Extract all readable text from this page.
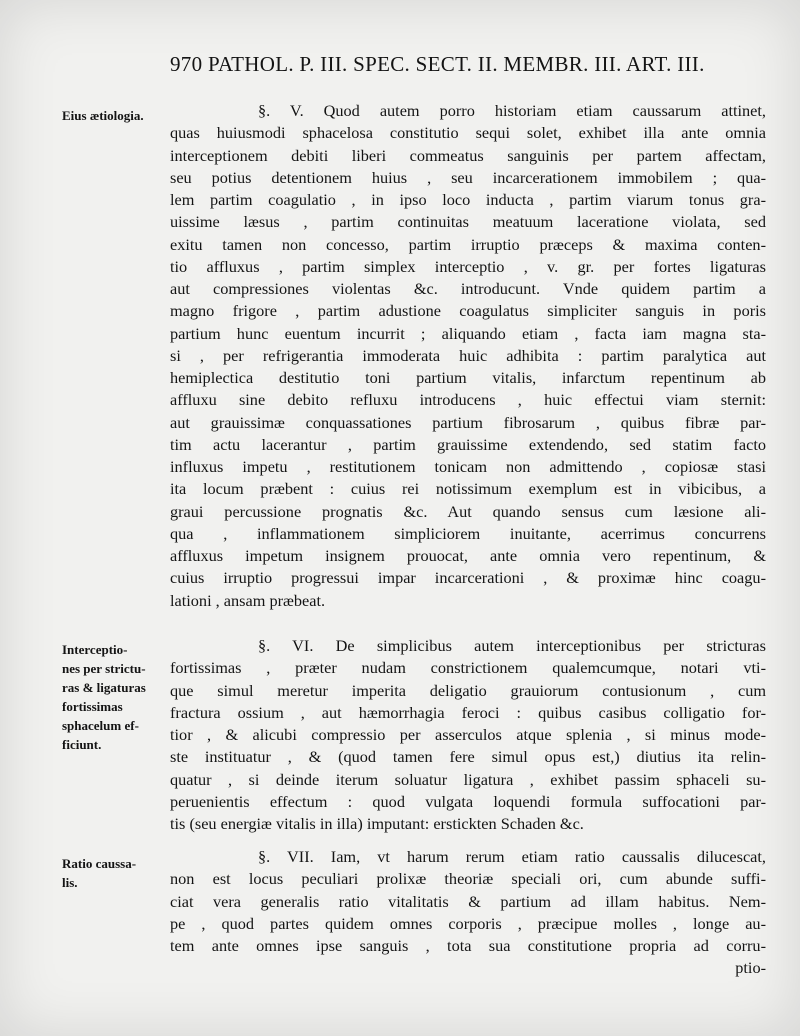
970 PATHOL. P. III. SPEC. SECT. II. MEMBR. III. ART. III.
Eius ætiologia.
Interceptio-
nes per strictu-
ras & ligaturas
fortissimas
sphacelum ef-
ficiunt.
Ratio caussa-
lis.
§. V. Quod autem porro historiam etiam caussarum attinet,
quas huiusmodi sphacelosa constitutio sequi solet, exhibet illa ante omnia
interceptionem debiti liberi commeatus sanguinis per partem affectam,
seu potius detentionem huius , seu incarcerationem immobilem ; qua-
lem partim coagulatio , in ipso loco inducta , partim viarum tonus gra-
uissime læsus , partim continuitas meatuum laceratione violata, sed
exitu tamen non concesso, partim irruptio præceps & maxima conten-
tio affluxus , partim simplex interceptio , v. gr. per fortes ligaturas
aut compressiones violentas &c. introducunt. Vnde quidem partim a
magno frigore , partim adustione coagulatus simpliciter sanguis in poris
partium hunc euentum incurrit ; aliquando etiam , facta iam magna sta-
si , per refrigerantia immoderata huic adhibita : partim paralytica aut
hemiplectica destitutio toni partium vitalis, infarctum repentinum ab
affluxu sine debito refluxu introducens , huic effectui viam sternit:
aut grauissimæ conquassationes partium fibrosarum , quibus fibræ par-
tim actu lacerantur , partim grauissime extendendo, sed statim facto
influxus impetu , restitutionem tonicam non admittendo , copiosæ stasi
ita locum præbent : cuius rei notissimum exemplum est in vibicibus, a
graui percussione prognatis &c. Aut quando sensus cum læsione ali-
qua , inflammationem simpliciorem inuitante, acerrimus concurrens
affluxus impetum insignem prouocat, ante omnia vero repentinum, &
cuius irruptio progressui impar incarcerationi , & proximæ hinc coagu-
lationi , ansam præbeat.
§. VI. De simplicibus autem interceptionibus per stricturas
fortissimas , præter nudam constrictionem qualemcumque, notari vti-
que simul meretur imperita deligatio grauiorum contusionum , cum
fractura ossium , aut hæmorrhagia feroci : quibus casibus colligatio for-
tior , & alicubi compressio per asserculos atque splenia , si minus mode-
ste instituatur , & (quod tamen fere simul opus est,) diutius ita relin-
quatur , si deinde iterum soluatur ligatura , exhibet passim sphaceli su-
peruenientis effectum : quod vulgata loquendi formula suffocationi par-
tis (seu energiæ vitalis in illa) imputant: erstickten Schaden &c.
§. VII. Iam, vt harum rerum etiam ratio caussalis dilucescat,
non est locus peculiari prolixæ theoriæ speciali ori, cum abunde suffi-
ciat vera generalis ratio vitalitatis & partium ad illam habitus. Nem-
pe , quod partes quidem omnes corporis , præcipue molles , longe au-
tem ante omnes ipse sanguis , tota sua constitutione propria ad corru-
ptio-
